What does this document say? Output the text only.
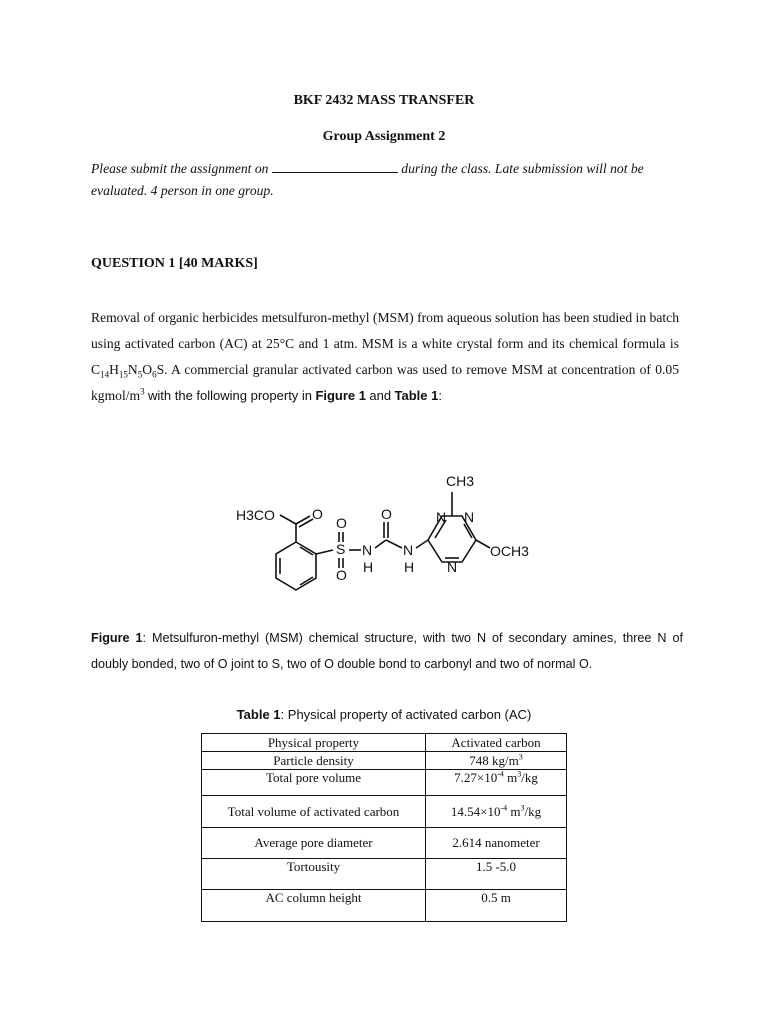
BKF 2432 MASS TRANSFER
Group Assignment 2
Please submit the assignment on	during the class. Late submission will not be evaluated. 4 person in one group.
QUESTION 1 [40 MARKS]
Removal of organic herbicides metsulfuron-methyl (MSM) from aqueous solution has been studied in batch using activated carbon (AC) at 25°C and 1 atm. MSM is a white crystal form and its chemical formula is $C_{14}H_{15}N_5O_6S$. A commercial granular activated carbon was used to remove MSM at concentration of 0.05 kgmol/$m^3$ with the following property in Figure 1 and Table 1:
CH3
H3CO	O
O
S
O
N
H
O
N
H
N N
N
OCH3
Figure 1: Metsulfuron-methyl (MSM) chemical structure, with two N of secondary amines, three N of doubly bonded, two of O joint to S, two of O double bond to carbonyl and two of normal O.
Table 1: Physical property of activated carbon (AC)
Physical property	Activated carbon
Particle density	748 $kg/m^3$
Total pore volume	$7.27\times 10^{-4}$ $m^3/kg$
Total volume of activated carbon	$14.54\times 10^{-4}$ $m^3/kg$
Average pore diameter	2.614 nanometer
Tortousity	1.5 -5.0
AC column height	0.5 m
